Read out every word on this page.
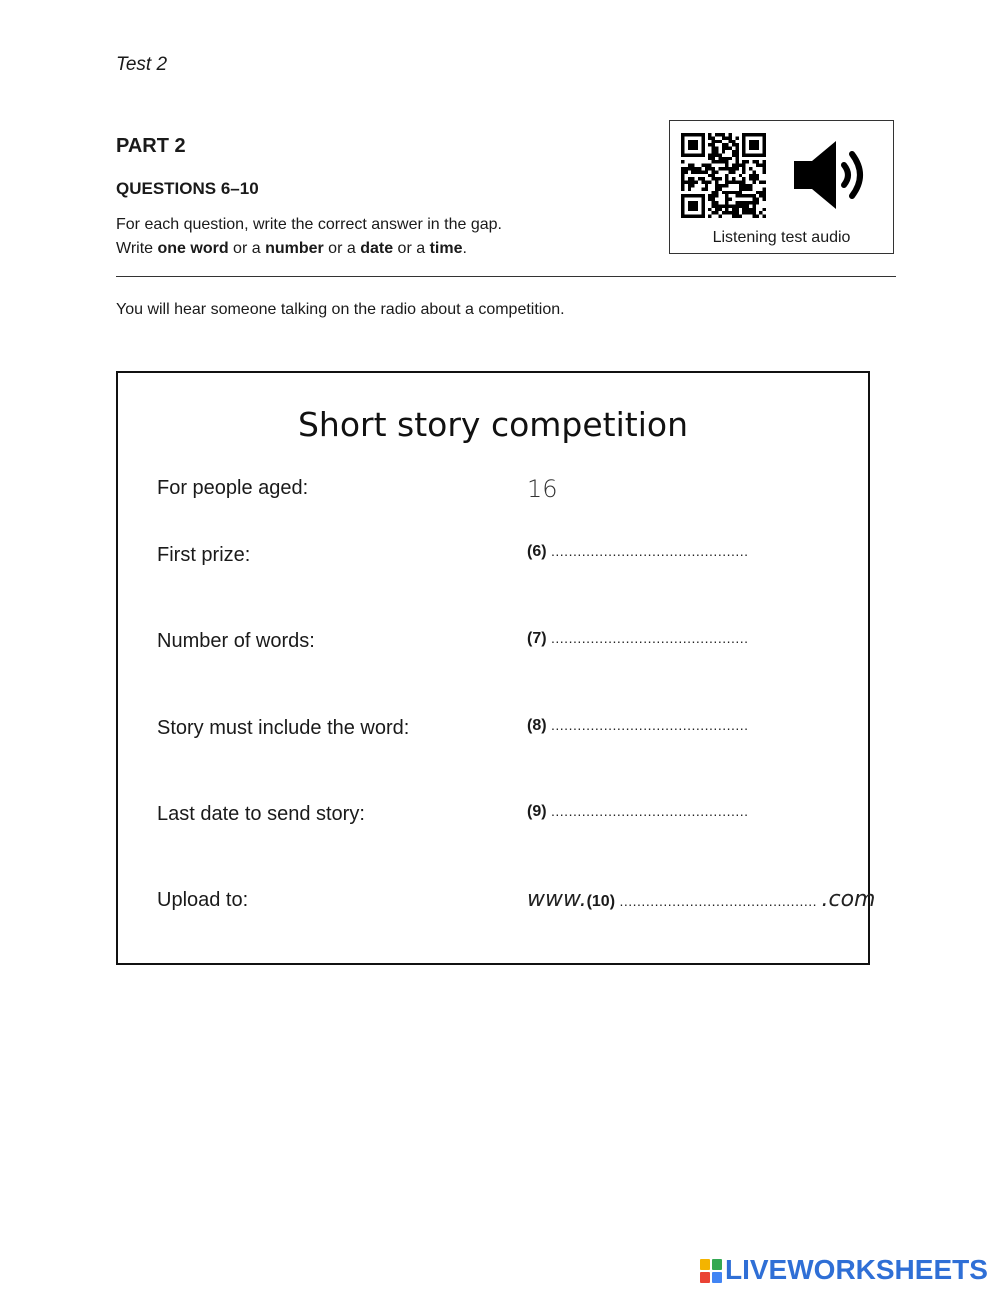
Test 2
PART 2
QUESTIONS 6–10
For each question, write the correct answer in the gap.
Write one word or a number or a date or a time.
Listening test audio
You will hear someone talking on the radio about a competition.
Short story competition
For people aged:	16
First prize:	(6) .............................................
Number of words:	(7) .............................................
Story must include the word:	(8) .............................................
Last date to send story:	(9) .............................................
Upload to:	www.(10) ............................................. .com
LIVEWORKSHEETS
